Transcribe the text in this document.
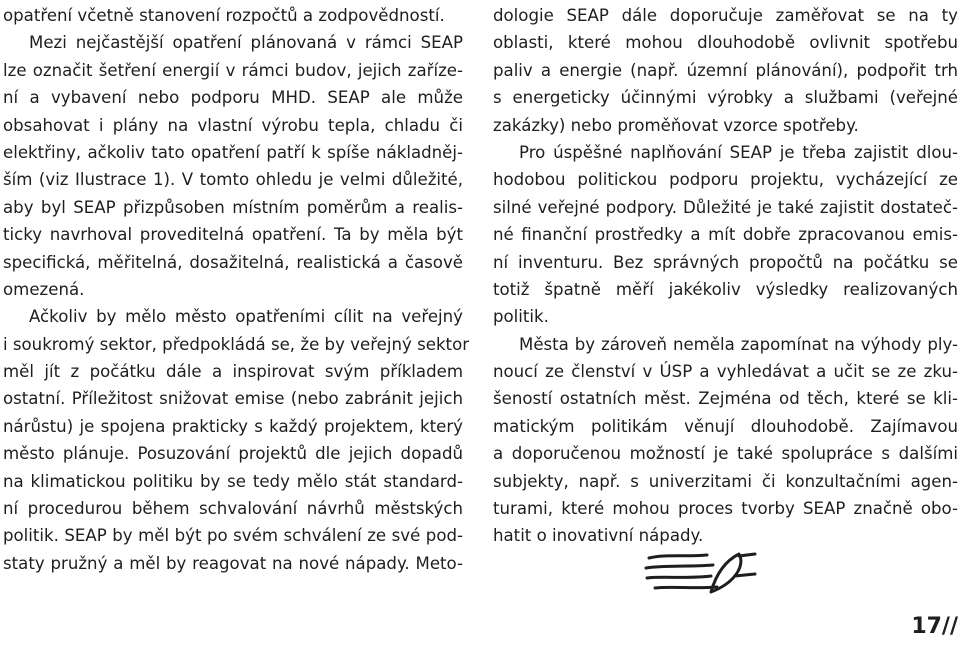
opatření včetně stanovení rozpočtů a zodpovědností.
Mezi nejčastější opatření plánovaná v rámci SEAP
lze označit šetření energií v rámci budov, jejich zaříze-
ní a vybavení nebo podporu MHD. SEAP ale může
obsahovat i plány na vlastní výrobu tepla, chladu či
elektřiny, ačkoliv tato opatření patří k spíše nákladněj-
ším (viz Ilustrace 1). V tomto ohledu je velmi důležité,
aby byl SEAP přizpůsoben místním poměrům a realis-
ticky navrhoval proveditelná opatření. Ta by měla být
specifická, měřitelná, dosažitelná, realistická a časově
omezená.
Ačkoliv by mělo město opatřeními cílit na veřejný
i soukromý sektor, předpokládá se, že by veřejný sektor
měl jít z počátku dále a inspirovat svým příkladem
ostatní. Příležitost snižovat emise (nebo zabránit jejich
nárůstu) je spojena prakticky s každý projektem, který
město plánuje. Posuzování projektů dle jejich dopadů
na klimatickou politiku by se tedy mělo stát standard-
ní procedurou během schvalování návrhů městských
politik. SEAP by měl být po svém schválení ze své pod-
staty pružný a měl by reagovat na nové nápady. Meto-
dologie SEAP dále doporučuje zaměřovat se na ty
oblasti, které mohou dlouhodobě ovlivnit spotřebu
paliv a energie (např. územní plánování), podpořit trh
s energeticky účinnými výrobky a službami (veřejné
zakázky) nebo proměňovat vzorce spotřeby.
Pro úspěšné naplňování SEAP je třeba zajistit dlou-
hodobou politickou podporu projektu, vycházející ze
silné veřejné podpory. Důležité je také zajistit dostateč-
né finanční prostředky a mít dobře zpracovanou emis-
ní inventuru. Bez správných propočtů na počátku se
totiž špatně měří jakékoliv výsledky realizovaných
politik.
Města by zároveň neměla zapomínat na výhody ply-
noucí ze členství v ÚSP a vyhledávat a učit se ze zku-
šeností ostatních měst. Zejména od těch, které se kli-
matickým politikám věnují dlouhodobě. Zajímavou
a doporučenou možností je také spolupráce s dalšími
subjekty, např. s univerzitami či konzultačními agen-
turami, které mohou proces tvorby SEAP značně obo-
hatit o inovativní nápady.
17//
